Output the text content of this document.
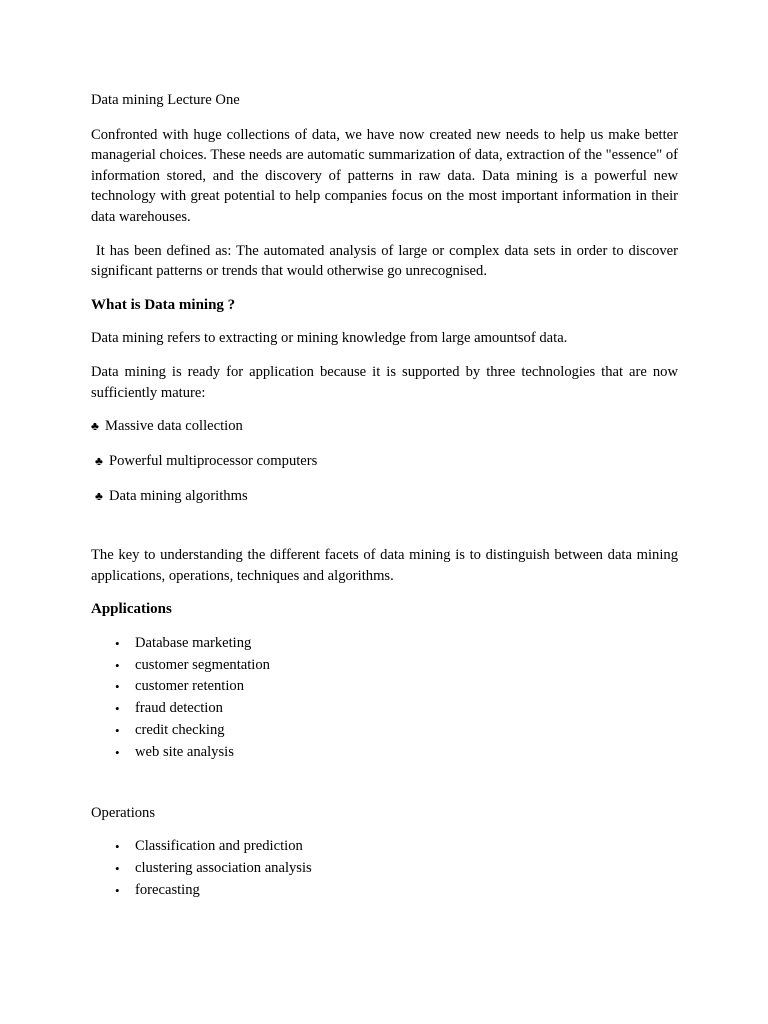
Data mining Lecture One

Confronted with huge collections of data, we have now created new needs to help us make better managerial choices. These needs are automatic summarization of data, extraction of the "essence" of information stored, and the discovery of patterns in raw data. Data mining is a powerful new technology with great potential to help companies focus on the most important information in their data warehouses.

It has been defined as: The automated analysis of large or complex data sets in order to discover significant patterns or trends that would otherwise go unrecognised.

What is Data mining ?

Data mining refers to extracting or mining knowledge from large amountsof data.

Data mining is ready for application because it is supported by three technologies that are now sufficiently mature:

♣ Massive data collection
♣ Powerful multiprocessor computers
♣ Data mining algorithms

The key to understanding the different facets of data mining is to distinguish between data mining applications, operations, techniques and algorithms.

Applications

• Database marketing
• customer segmentation
• customer retention
• fraud detection
• credit checking
• web site analysis

Operations

• Classification and prediction
• clustering association analysis
• forecasting
